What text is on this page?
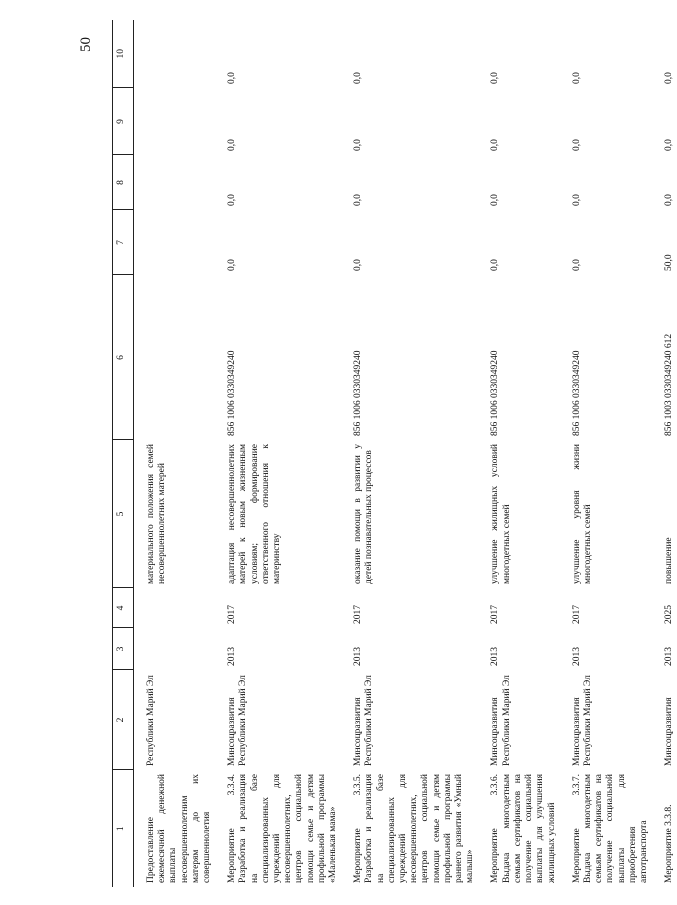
50
1	2	3	4	5	6	7	8	9	10
Предоставление ежемесячной денежной выплаты несовершеннолетним матерям до их совершеннолетия	Республики Марий Эл			материального положения семей несовершеннолетних матерей					
Мероприятие 3.3.4. Разработка и реализация на базе специализированных учреждений для несовершеннолетних, центров социальной помощи семье и детям профильной программы «Маленькая мама»	Минсоцразвития Республики Марий Эл	2013	2017	адаптация несовершеннолетних матерей к новым жизненным условиям; формирование ответственного отношения к материнству	856 1006 0330349240	0,0	0,0	0,0	0,0
Мероприятие 3.3.5. Разработка и реализация на базе специализированных учреждений для несовершеннолетних, центров социальной помощи семье и детям профильной программы раннего развития «Умный малыш»	Минсоцразвития Республики Марий Эл	2013	2017	оказание помощи в развитии у детей познавательных процессов	856 1006 0330349240	0,0	0,0	0,0	0,0
Мероприятие 3.3.6. Выдача многодетным семьям сертификатов на получение социальной выплаты для улучшения жилищных условий	Минсоцразвития Республики Марий Эл	2013	2017	улучшение жилищных условий многодетных семей	856 1006 0330349240	0,0	0,0	0,0	0,0
Мероприятие 3.3.7. Выдача многодетным семьям сертификатов на получение социальной выплаты для приобретения автотранспорта	Минсоцразвития Республики Марий Эл	2013	2017	улучшение уровня жизни многодетных семей	856 1006 0330349240	0,0	0,0	0,0	0,0
Мероприятие 3.3.8.	Минсоцразвития	2013	2025	повышение	856 1003 0330349240 612	50,0	0,0	0,0	0,0
